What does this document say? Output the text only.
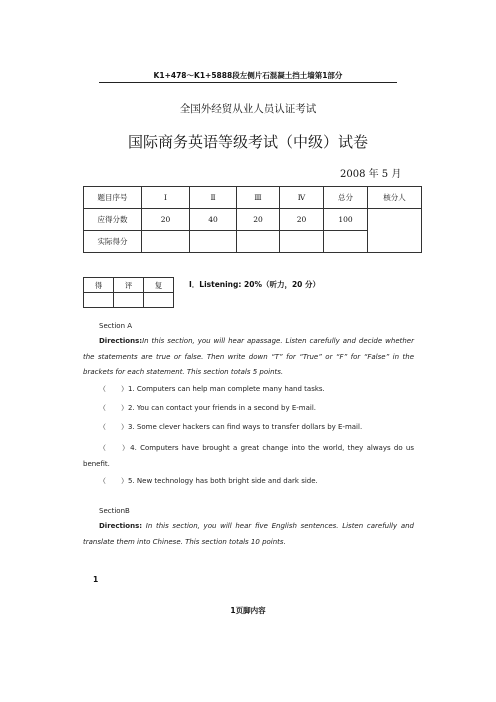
K1+478～K1+5888段左侧片石混凝土挡土墙第1部分
全国外经贸从业人员认证考试
国际商务英语等级考试（中级）试卷
2008 年 5 月
题目序号	Ⅰ	Ⅱ	Ⅲ	Ⅳ	总分	核分人
应得分数	20	40	20	20	100	
实际得分						
得	评	复
			Ⅰ．Listening: 20%（听力，20 分）
Section A
Directions:In this section, you will hear apassage. Listen carefully and decide whether the statements are true or false. Then write down “T” for “True” or “F” for “False” in the brackets for each statement. This section totals 5 points.
（ ）1. Computers can help man complete many hand tasks.
（ ）2. You can contact your friends in a second by E-mail.
（ ）3. Some clever hackers can find ways to transfer dollars by E-mail.
（ ）4. Computers have brought a great change into the world, they always do us benefit.
（ ）5. New technology has both bright side and dark side.
SectionB
Directions: In this section, you will hear five English sentences. Listen carefully and translate them into Chinese. This section totals 10 points.
1
1页脚内容
